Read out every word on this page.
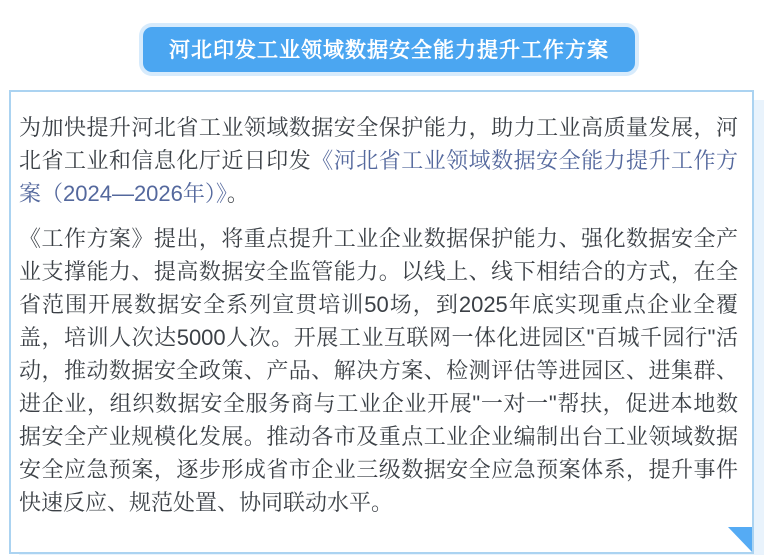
河北印发工业领域数据安全能力提升工作方案

为加快提升河北省工业领域数据安全保护能力，助力工业高质量发展，河北省工业和信息化厅近日印发《河北省工业领域数据安全能力提升工作方案（2024—2026年）》。

《工作方案》提出，将重点提升工业企业数据保护能力、强化数据安全产业支撑能力、提高数据安全监管能力。以线上、线下相结合的方式，在全省范围开展数据安全系列宣贯培训50场，到2025年底实现重点企业全覆盖，培训人次达5000人次。开展工业互联网一体化进园区"百城千园行"活动，推动数据安全政策、产品、解决方案、检测评估等进园区、进集群、进企业，组织数据安全服务商与工业企业开展"一对一"帮扶，促进本地数据安全产业规模化发展。推动各市及重点工业企业编制出台工业领域数据安全应急预案，逐步形成省市企业三级数据安全应急预案体系，提升事件快速反应、规范处置、协同联动水平。
